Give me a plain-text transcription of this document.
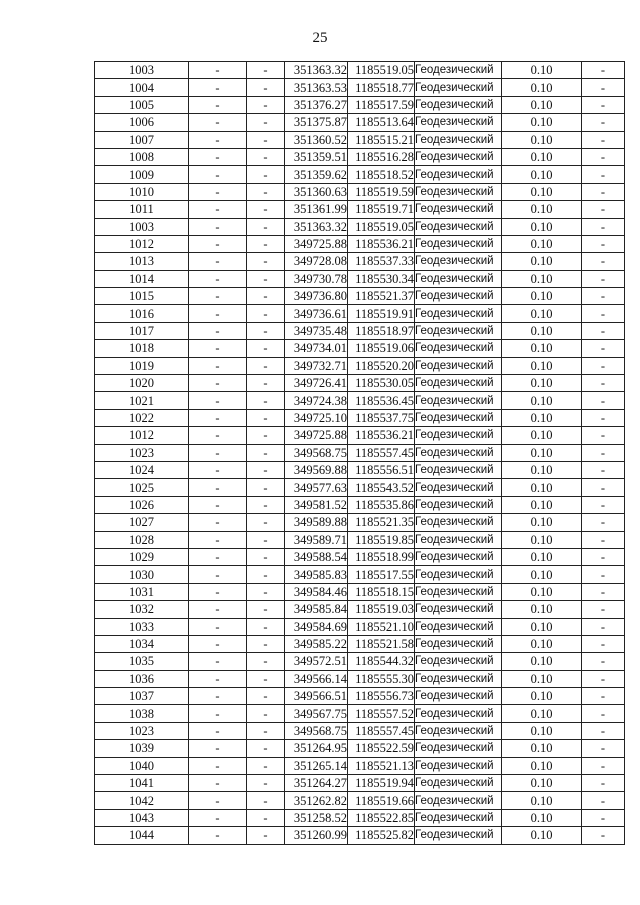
25
1003	-	-	351363.32	1185519.05	Геодезический	0.10	-
1004	-	-	351363.53	1185518.77	Геодезический	0.10	-
1005	-	-	351376.27	1185517.59	Геодезический	0.10	-
1006	-	-	351375.87	1185513.64	Геодезический	0.10	-
1007	-	-	351360.52	1185515.21	Геодезический	0.10	-
1008	-	-	351359.51	1185516.28	Геодезический	0.10	-
1009	-	-	351359.62	1185518.52	Геодезический	0.10	-
1010	-	-	351360.63	1185519.59	Геодезический	0.10	-
1011	-	-	351361.99	1185519.71	Геодезический	0.10	-
1003	-	-	351363.32	1185519.05	Геодезический	0.10	-
1012	-	-	349725.88	1185536.21	Геодезический	0.10	-
1013	-	-	349728.08	1185537.33	Геодезический	0.10	-
1014	-	-	349730.78	1185530.34	Геодезический	0.10	-
1015	-	-	349736.80	1185521.37	Геодезический	0.10	-
1016	-	-	349736.61	1185519.91	Геодезический	0.10	-
1017	-	-	349735.48	1185518.97	Геодезический	0.10	-
1018	-	-	349734.01	1185519.06	Геодезический	0.10	-
1019	-	-	349732.71	1185520.20	Геодезический	0.10	-
1020	-	-	349726.41	1185530.05	Геодезический	0.10	-
1021	-	-	349724.38	1185536.45	Геодезический	0.10	-
1022	-	-	349725.10	1185537.75	Геодезический	0.10	-
1012	-	-	349725.88	1185536.21	Геодезический	0.10	-
1023	-	-	349568.75	1185557.45	Геодезический	0.10	-
1024	-	-	349569.88	1185556.51	Геодезический	0.10	-
1025	-	-	349577.63	1185543.52	Геодезический	0.10	-
1026	-	-	349581.52	1185535.86	Геодезический	0.10	-
1027	-	-	349589.88	1185521.35	Геодезический	0.10	-
1028	-	-	349589.71	1185519.85	Геодезический	0.10	-
1029	-	-	349588.54	1185518.99	Геодезический	0.10	-
1030	-	-	349585.83	1185517.55	Геодезический	0.10	-
1031	-	-	349584.46	1185518.15	Геодезический	0.10	-
1032	-	-	349585.84	1185519.03	Геодезический	0.10	-
1033	-	-	349584.69	1185521.10	Геодезический	0.10	-
1034	-	-	349585.22	1185521.58	Геодезический	0.10	-
1035	-	-	349572.51	1185544.32	Геодезический	0.10	-
1036	-	-	349566.14	1185555.30	Геодезический	0.10	-
1037	-	-	349566.51	1185556.73	Геодезический	0.10	-
1038	-	-	349567.75	1185557.52	Геодезический	0.10	-
1023	-	-	349568.75	1185557.45	Геодезический	0.10	-
1039	-	-	351264.95	1185522.59	Геодезический	0.10	-
1040	-	-	351265.14	1185521.13	Геодезический	0.10	-
1041	-	-	351264.27	1185519.94	Геодезический	0.10	-
1042	-	-	351262.82	1185519.66	Геодезический	0.10	-
1043	-	-	351258.52	1185522.85	Геодезический	0.10	-
1044	-	-	351260.99	1185525.82	Геодезический	0.10	-
